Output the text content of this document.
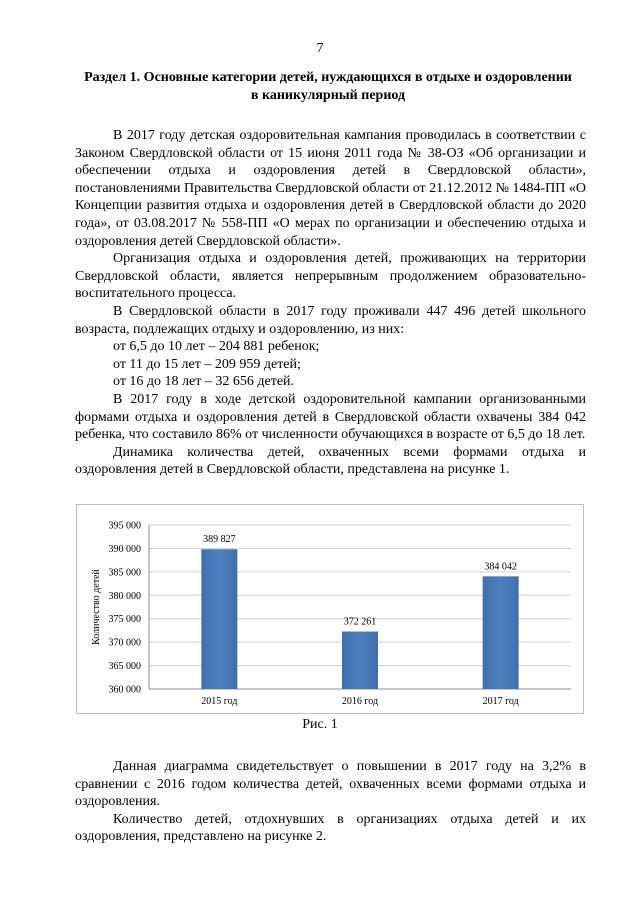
7
Раздел 1. Основные категории детей, нуждающихся в отдыхе и оздоровлении
в каникулярный период

В 2017 году детская оздоровительная кампания проводилась в соответствии с Законом Свердловской области от 15 июня 2011 года № 38-ОЗ «Об организации и обеспечении отдыха и оздоровления детей в Свердловской области», постановлениями Правительства Свердловской области от 21.12.2012 № 1484-ПП «О Концепции развития отдыха и оздоровления детей в Свердловской области до 2020 года», от 03.08.2017 № 558-ПП «О мерах по организации и обеспечению отдыха и оздоровления детей Свердловской области».

Организация отдыха и оздоровления детей, проживающих на территории Свердловской области, является непрерывным продолжением образовательно-воспитательного процесса.

В Свердловской области в 2017 году проживали 447 496 детей школьного возраста, подлежащих отдыху и оздоровлению, из них:

от 6,5 до 10 лет – 204 881 ребенок;

от 11 до 15 лет – 209 959 детей;

от 16 до 18 лет – 32 656 детей.

В 2017 году в ходе детской оздоровительной кампании организованными формами отдыха и оздоровления детей в Свердловской области охвачены 384 042 ребенка, что составило 86% от численности обучающихся в возрасте от 6,5 до 18 лет.

Динамика количества детей, охваченных всеми формами отдыха и оздоровления детей в Свердловской области, представлена на рисунке 1.

360 000
365 000
370 000
375 000
380 000
385 000
390 000
395 000
Количество детей
389 827
2015 год
372 261
2016 год
384 042
2017 год
Рис. 1

Данная диаграмма свидетельствует о повышении в 2017 году на 3,2% в сравнении с 2016 годом количества детей, охваченных всеми формами отдыха и оздоровления.

Количество детей, отдохнувших в организациях отдыха детей и их оздоровления, представлено на рисунке 2.
